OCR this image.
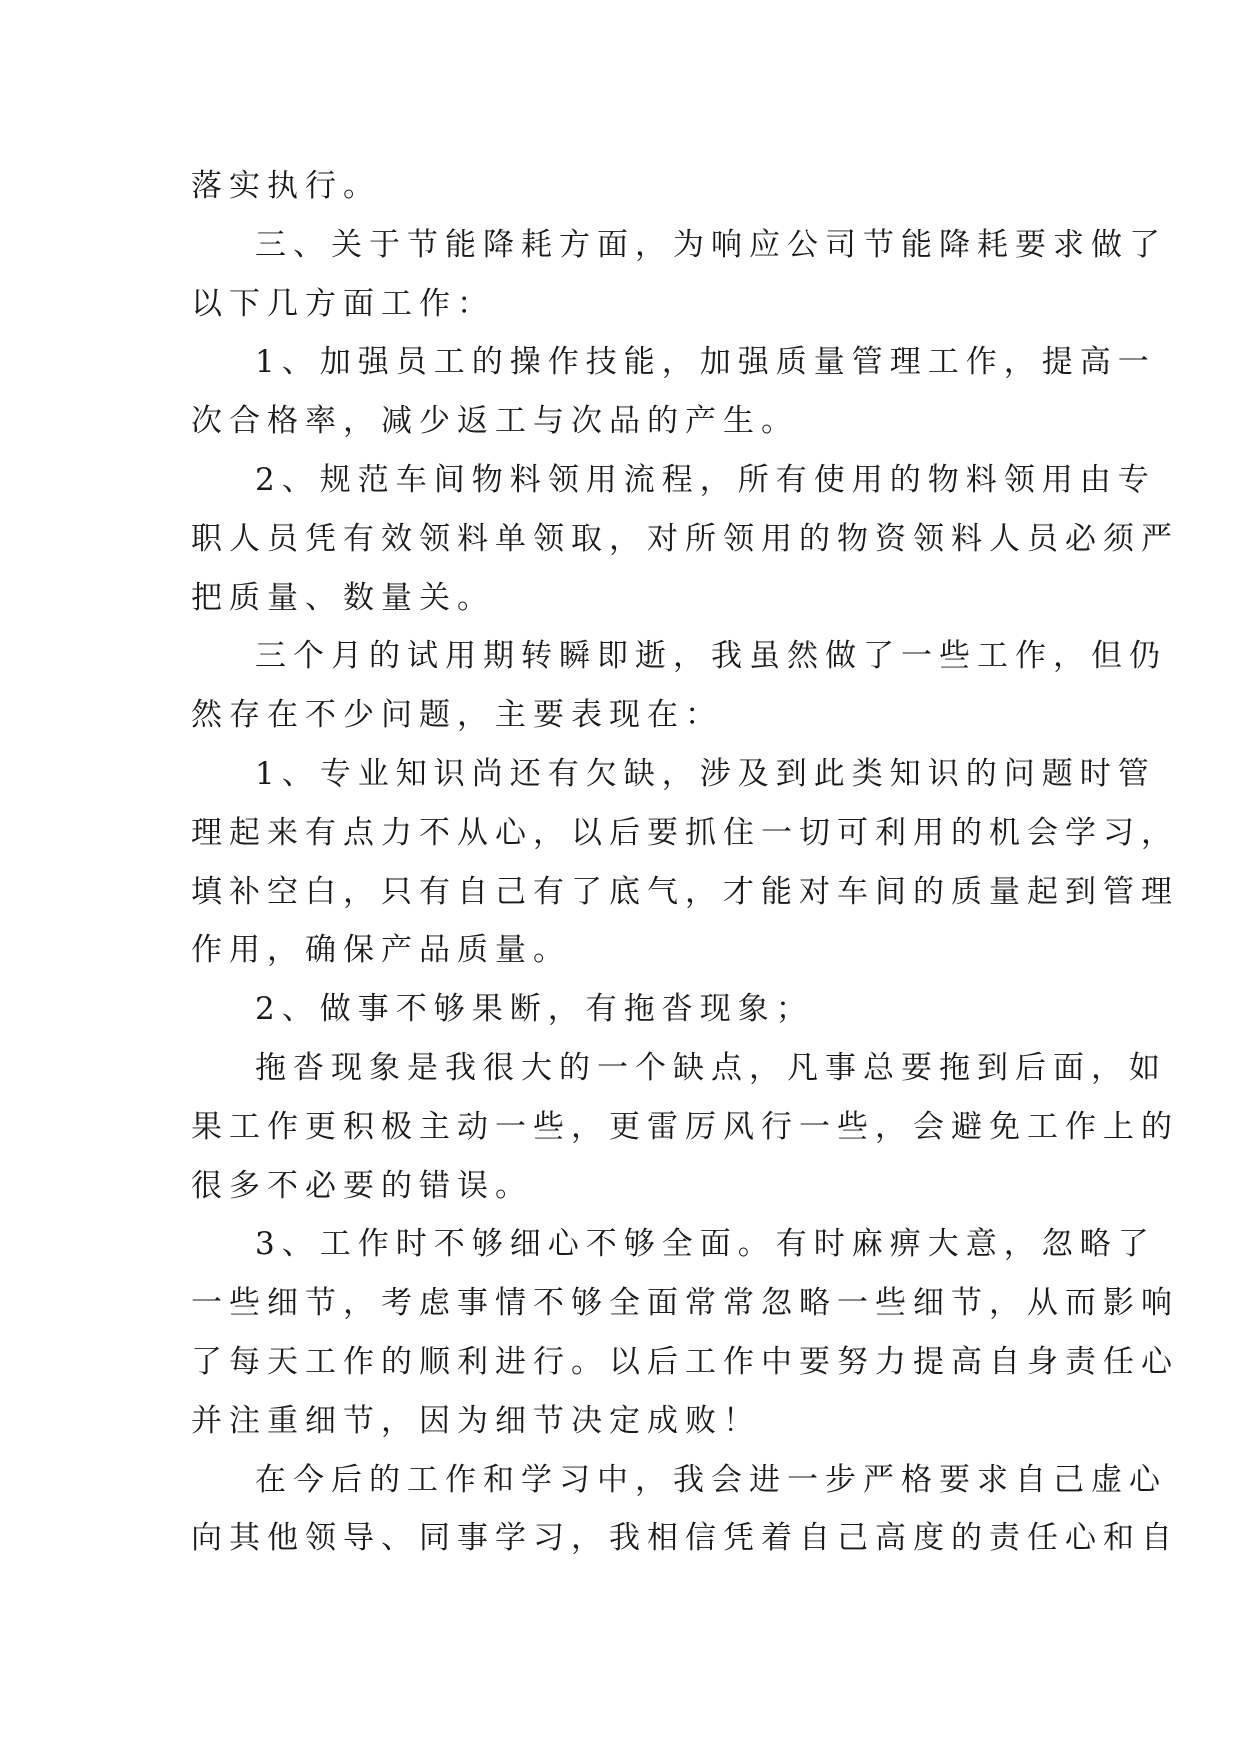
落实执行。
三、关于节能降耗方面，为响应公司节能降耗要求做了
以下几方面工作：
1、加强员工的操作技能，加强质量管理工作，提高一
次合格率，减少返工与次品的产生。
2、规范车间物料领用流程，所有使用的物料领用由专
职人员凭有效领料单领取，对所领用的物资领料人员必须严
把质量、数量关。
三个月的试用期转瞬即逝，我虽然做了一些工作，但仍
然存在不少问题，主要表现在：
1、专业知识尚还有欠缺，涉及到此类知识的问题时管
理起来有点力不从心，以后要抓住一切可利用的机会学习，
填补空白，只有自己有了底气，才能对车间的质量起到管理
作用，确保产品质量。
2、做事不够果断，有拖沓现象；
拖沓现象是我很大的一个缺点，凡事总要拖到后面，如
果工作更积极主动一些，更雷厉风行一些，会避免工作上的
很多不必要的错误。
3、工作时不够细心不够全面。有时麻痹大意，忽略了
一些细节，考虑事情不够全面常常忽略一些细节，从而影响
了每天工作的顺利进行。以后工作中要努力提高自身责任心
并注重细节，因为细节决定成败！
在今后的工作和学习中，我会进一步严格要求自己虚心
向其他领导、同事学习，我相信凭着自己高度的责任心和自
